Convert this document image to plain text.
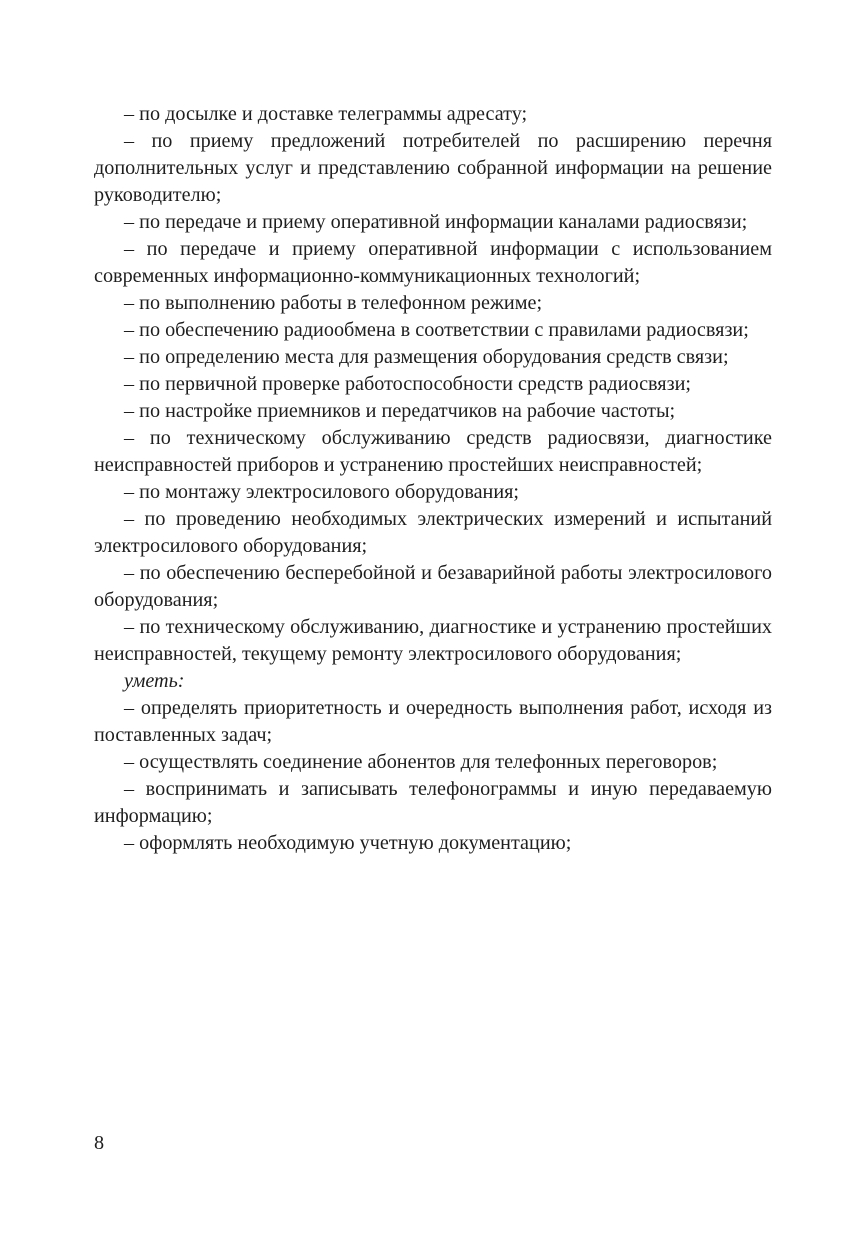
– по досылке и доставке телеграммы адресату;

– по приему предложений потребителей по расширению перечня дополнительных услуг и представлению собранной информации на решение руководителю;

– по передаче и приему оперативной информации каналами радиосвязи;

– по передаче и приему оперативной информации с использованием современных информационно-коммуникационных технологий;

– по выполнению работы в телефонном режиме;

– по обеспечению радиообмена в соответствии с правилами радиосвязи;

– по определению места для размещения оборудования средств связи;

– по первичной проверке работоспособности средств радиосвязи;

– по настройке приемников и передатчиков на рабочие частоты;

– по техническому обслуживанию средств радиосвязи, диагностике неисправностей приборов и устранению простейших неисправностей;

– по монтажу электросилового оборудования;

– по проведению необходимых электрических измерений и испытаний электросилового оборудования;

– по обеспечению бесперебойной и безаварийной работы электросилового оборудования;

– по техническому обслуживанию, диагностике и устранению простейших неисправностей, текущему ремонту электросилового оборудования;

уметь:

– определять приоритетность и очередность выполнения работ, исходя из поставленных задач;

– осуществлять соединение абонентов для телефонных переговоров;

– воспринимать и записывать телефонограммы и иную передаваемую информацию;

– оформлять необходимую учетную документацию;

8
